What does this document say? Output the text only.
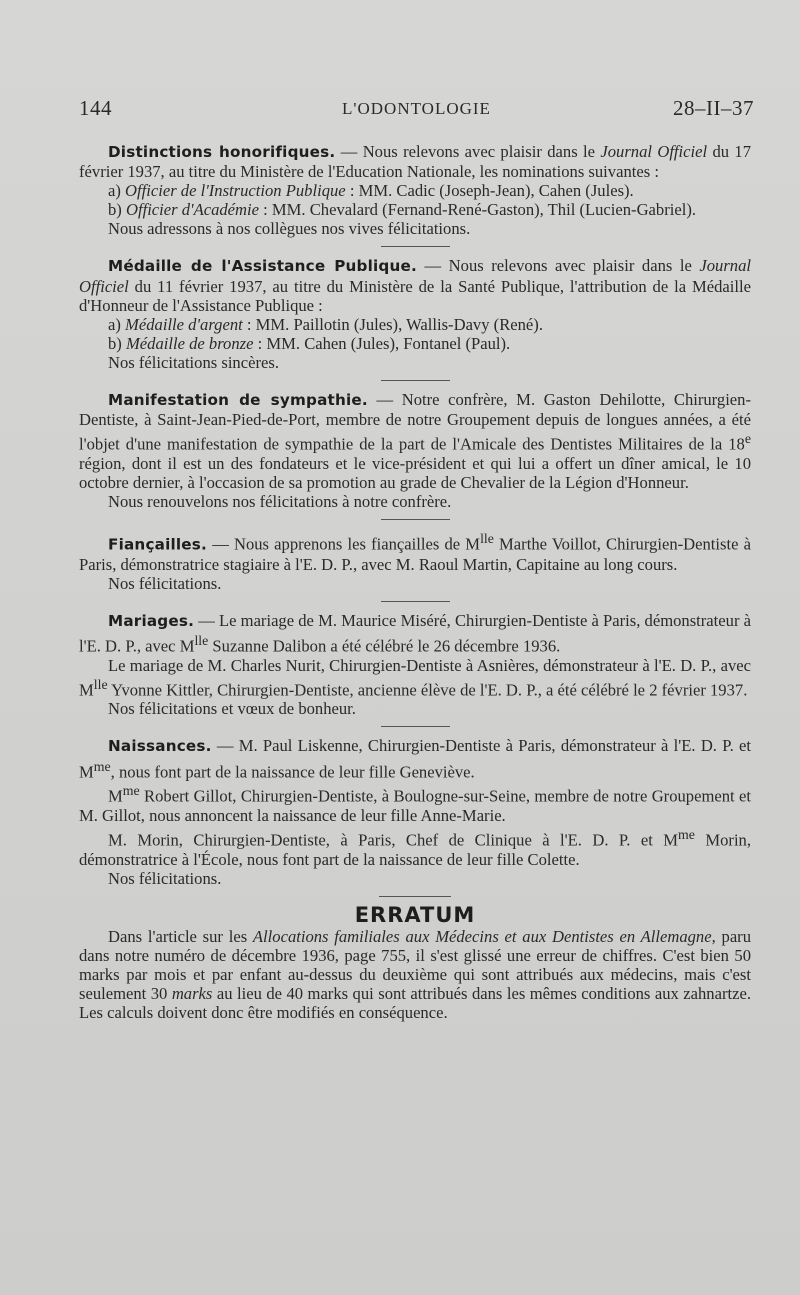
144	L'ODONTOLOGIE	28–II–37

Distinctions honorifiques. — Nous relevons avec plaisir dans le Journal Officiel du 17 février 1937, au titre du Ministère de l'Education Nationale, les nominations suivantes :

a) Officier de l'Instruction Publique : MM. Cadic (Joseph-Jean), Cahen (Jules).

b) Officier d'Académie : MM. Chevalard (Fernand-René-Gaston), Thil (Lucien-Gabriel).

Nous adressons à nos collègues nos vives félicitations.

Médaille de l'Assistance Publique. — Nous relevons avec plaisir dans le Journal Officiel du 11 février 1937, au titre du Ministère de la Santé Publique, l'attribution de la Médaille d'Honneur de l'Assistance Publique :

a) Médaille d'argent : MM. Paillotin (Jules), Wallis-Davy (René).

b) Médaille de bronze : MM. Cahen (Jules), Fontanel (Paul).

Nos félicitations sincères.

Manifestation de sympathie. — Notre confrère, M. Gaston Dehilotte, Chirurgien-Dentiste, à Saint-Jean-Pied-de-Port, membre de notre Groupement depuis de longues années, a été l'objet d'une manifestation de sympathie de la part de l'Amicale des Dentistes Militaires de la 18e région, dont il est un des fondateurs et le vice-président et qui lui a offert un dîner amical, le 10 octobre dernier, à l'occasion de sa promotion au grade de Chevalier de la Légion d'Honneur.

Nous renouvelons nos félicitations à notre confrère.

Fiançailles. — Nous apprenons les fiançailles de $M^{lle}$ Marthe Voillot, Chirurgien-Dentiste à Paris, démonstratrice stagiaire à l'E. D. P., avec M. Raoul Martin, Capitaine au long cours.

Nos félicitations.

Mariages. — Le mariage de M. Maurice Miséré, Chirurgien-Dentiste à Paris, démonstrateur à l'E. D. P., avec $M^{lle}$ Suzanne Dalibon a été célébré le 26 décembre 1936.

Le mariage de M. Charles Nurit, Chirurgien-Dentiste à Asnières, démonstrateur à l'E. D. P., avec $M^{lle}$ Yvonne Kittler, Chirurgien-Dentiste, ancienne élève de l'E. D. P., a été célébré le 2 février 1937.

Nos félicitations et vœux de bonheur.

Naissances. — M. Paul Liskenne, Chirurgien-Dentiste à Paris, démonstrateur à l'E. D. P. et $M^{me}$, nous font part de la naissance de leur fille Geneviève.

$M^{me}$ Robert Gillot, Chirurgien-Dentiste, à Boulogne-sur-Seine, membre de notre Groupement et M. Gillot, nous annoncent la naissance de leur fille Anne-Marie.

M. Morin, Chirurgien-Dentiste, à Paris, Chef de Clinique à l'E. D. P. et $M^{me}$ Morin, démonstratrice à l'École, nous font part de la naissance de leur fille Colette.

Nos félicitations.

ERRATUM

Dans l'article sur les Allocations familiales aux Médecins et aux Dentistes en Allemagne, paru dans notre numéro de décembre 1936, page 755, il s'est glissé une erreur de chiffres. C'est bien 50 marks par mois et par enfant au-dessus du deuxième qui sont attribués aux médecins, mais c'est seulement 30 marks au lieu de 40 marks qui sont attribués dans les mêmes conditions aux zahnartze. Les calculs doivent donc être modifiés en conséquence.
